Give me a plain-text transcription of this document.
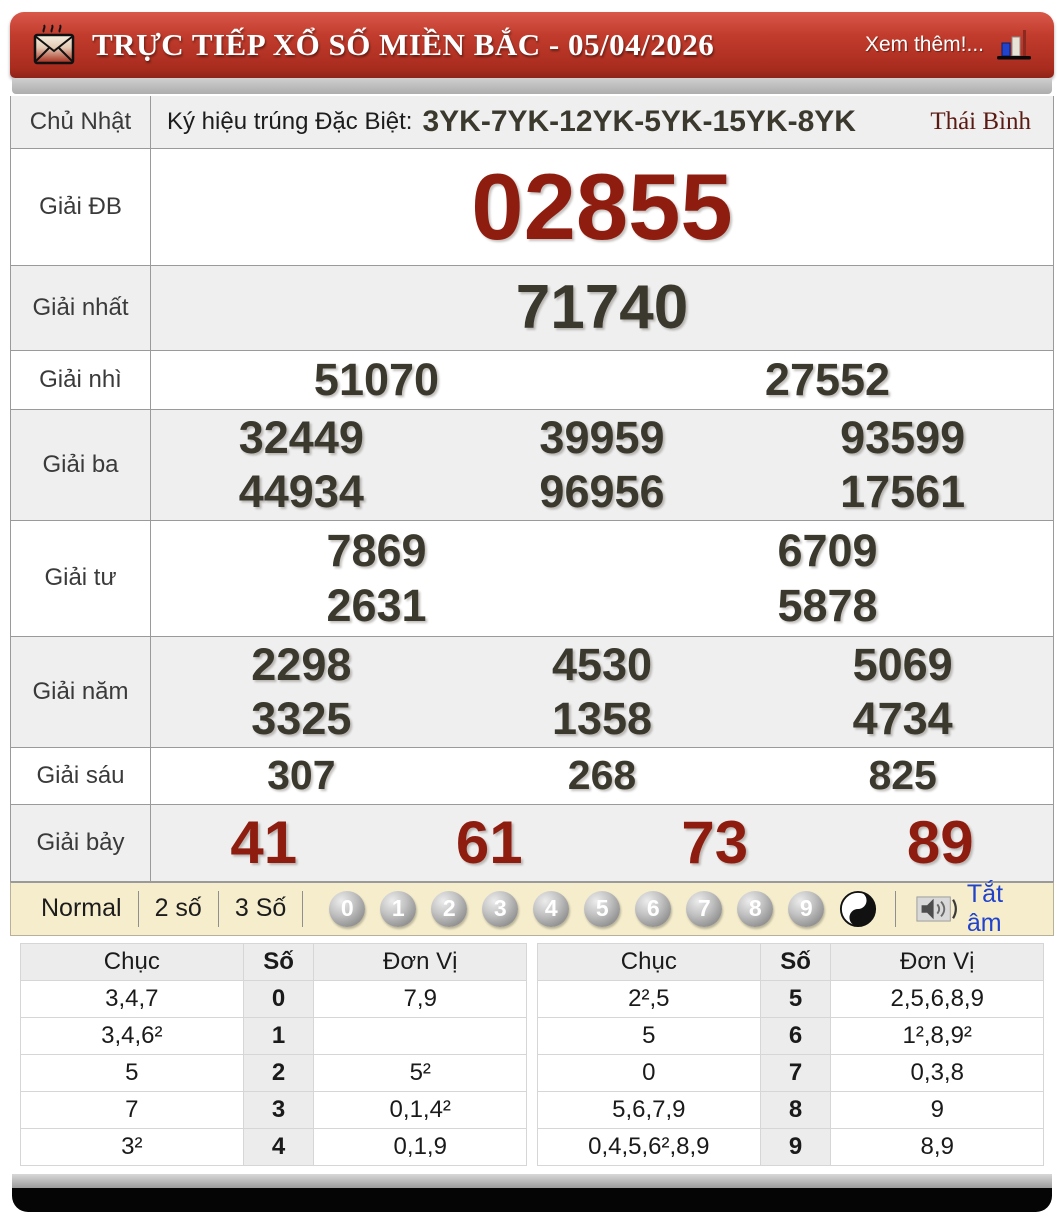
TRỰC TIẾP XỔ SỐ MIỀN BẮC - 05/04/2026	Xem thêm!...
Chủ Nhật	Ký hiệu trúng Đặc Biệt: 3YK-7YK-12YK-5YK-15YK-8YK	Thái Bình
Giải ĐB	02855
Giải nhất	71740
Giải nhì	51070	27552
Giải ba
32449	39959	93599
44934	96956	17561
Giải tư
7869	6709
2631	5878
Giải năm
2298	4530	5069
3325	1358	4734
Giải sáu	307	268	825
Giải bảy	41	61	73	89
Normal	2 số	3 Số	0	1	2	3	4	5	6	7	8	9
Tắt âm
Chục	Số	Đơn Vị
3,4,7	0	7,9
3,4,6²	1	
5	2	5²
7	3	0,1,4²
3²	4	0,1,9
Chục	Số	Đơn Vị
2²,5	5	2,5,6,8,9
5	6	1²,8,9²
0	7	0,3,8
5,6,7,9	8	9
0,4,5,6²,8,9	9	8,9
